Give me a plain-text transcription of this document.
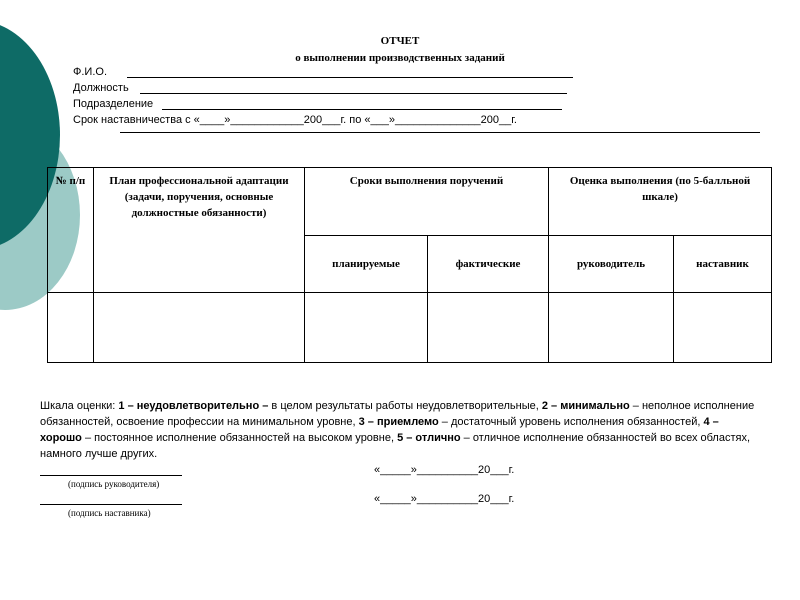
ОТЧЕТ
о выполнении производственных заданий
Ф.И.О.
Должность
Подразделение
Срок наставничества с «____»____________200___г. по «___»______________200__г.
№ п/п	План профессиональной адаптации (задачи, поручения, основные должностные обязанности)	Сроки выполнения поручений		Оценка выполнения (по 5-балльной шкале)	
		планируемые	фактические	руководитель	наставник

Шкала оценки: 1 – неудовлетворительно – в целом результаты работы неудовлетворительные, 2 – минимально – неполное исполнение обязанностей, освоение профессии на минимальном уровне, 3 – приемлемо – достаточный уровень исполнения обязанностей, 4 – хорошо – постоянное исполнение обязанностей на высоком уровне, 5 – отлично – отличное исполнение обязанностей во всех областях, намного лучше других.
(подпись руководителя)
«_____»__________20___г.
(подпись наставника)
«_____»__________20___г.
